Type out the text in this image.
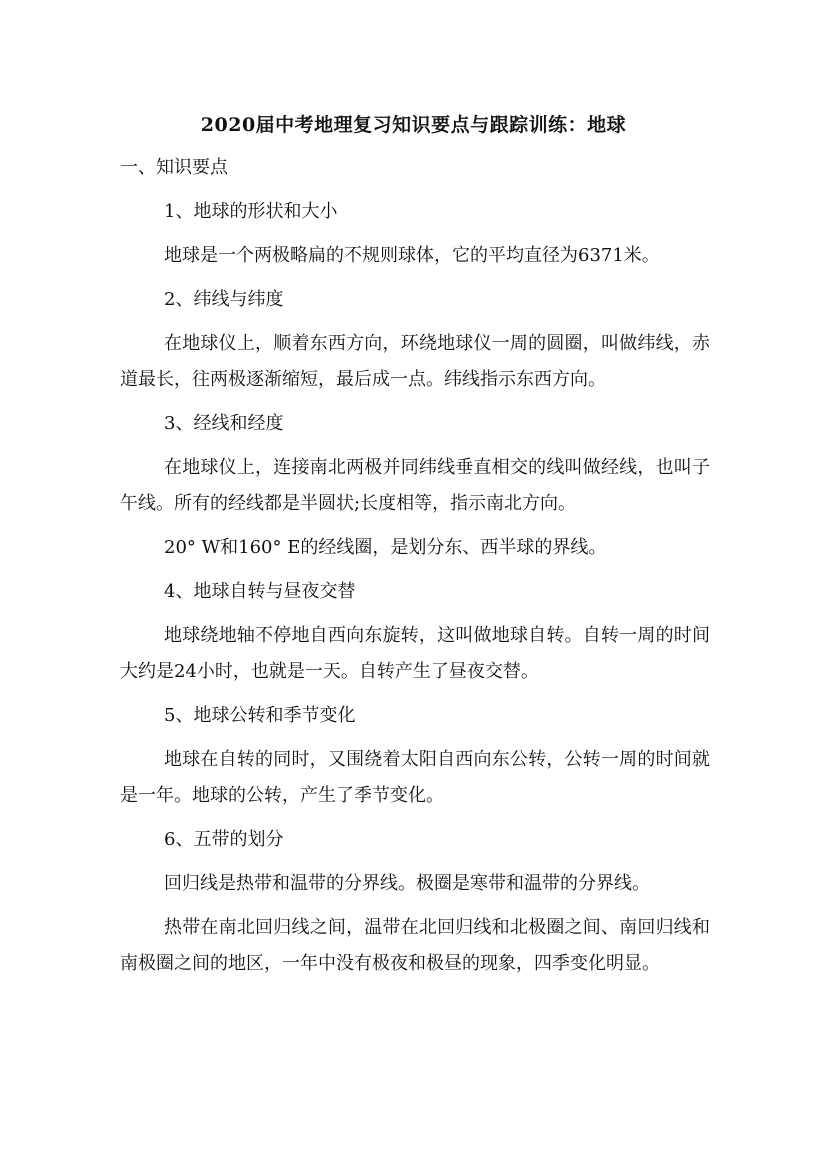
2020届中考地理复习知识要点与跟踪训练：地球

一、知识要点

1、地球的形状和大小

地球是一个两极略扁的不规则球体，它的平均直径为6371米。

2、纬线与纬度

在地球仪上，顺着东西方向，环绕地球仪一周的圆圈，叫做纬线，赤道最长，往两极逐渐缩短，最后成一点。纬线指示东西方向。

3、经线和经度

在地球仪上，连接南北两极并同纬线垂直相交的线叫做经线，也叫子午线。所有的经线都是半圆状;长度相等，指示南北方向。

20° W和160° E的经线圈，是划分东、西半球的界线。

4、地球自转与昼夜交替

地球绕地轴不停地自西向东旋转，这叫做地球自转。自转一周的时间大约是24小时，也就是一天。自转产生了昼夜交替。

5、地球公转和季节变化

地球在自转的同时，又围绕着太阳自西向东公转，公转一周的时间就是一年。地球的公转，产生了季节变化。

6、五带的划分

回归线是热带和温带的分界线。极圈是寒带和温带的分界线。

热带在南北回归线之间，温带在北回归线和北极圈之间、南回归线和南极圈之间的地区，一年中没有极夜和极昼的现象，四季变化明显。
